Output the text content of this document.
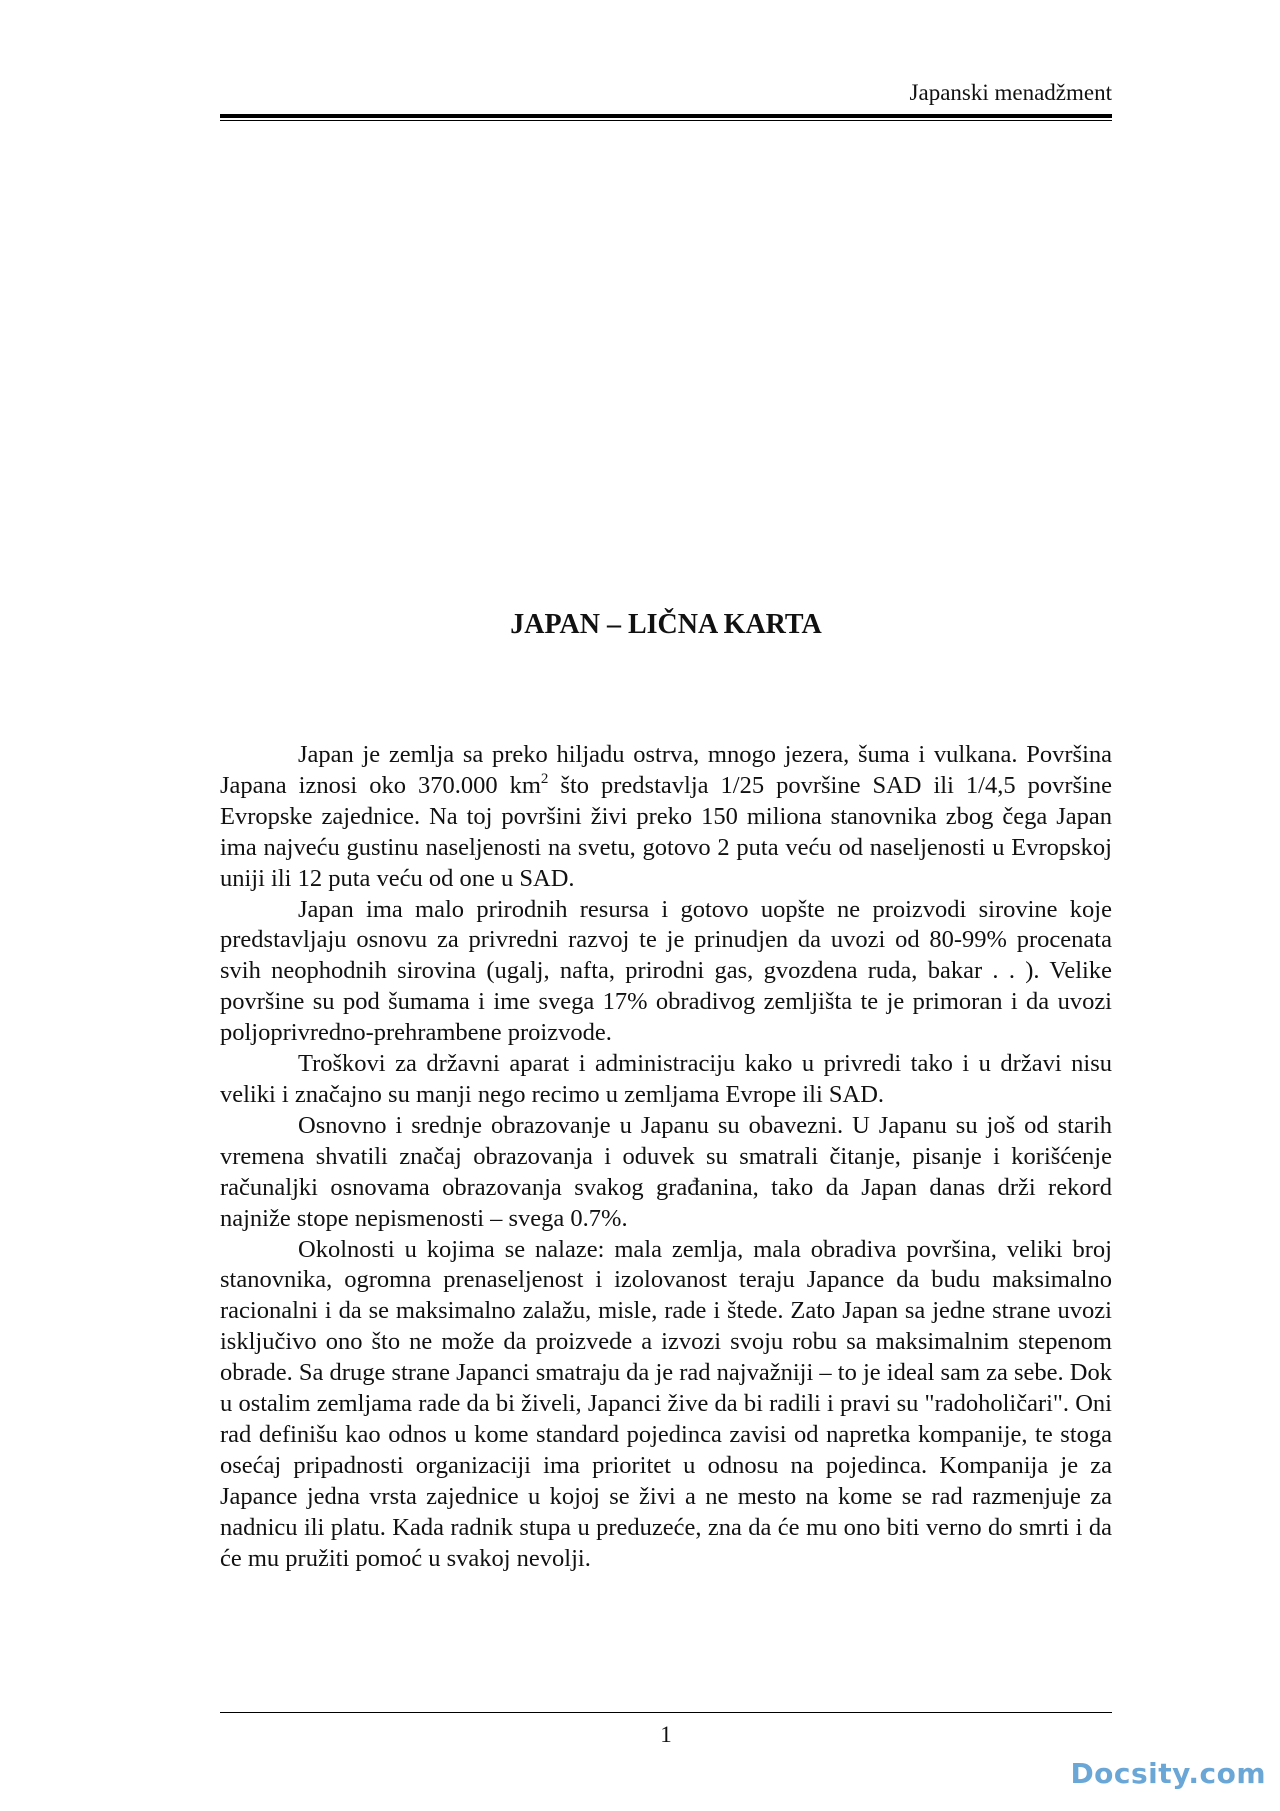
Japanski menadžment
JAPAN – LIČNA KARTA

Japan je zemlja sa preko hiljadu ostrva, mnogo jezera, šuma i vulkana. Površina Japana iznosi oko 370.000 $km^2$ što predstavlja 1/25 površine SAD ili 1/4,5 površine Evropske zajednice. Na toj površini živi preko 150 miliona stanovnika zbog čega Japan ima najveću gustinu naseljenosti na svetu, gotovo 2 puta veću od naseljenosti u Evropskoj uniji ili 12 puta veću od one u SAD.

Japan ima malo prirodnih resursa i gotovo uopšte ne proizvodi sirovine koje predstavljaju osnovu za privredni razvoj te je prinudjen da uvozi od 80-99% procenata svih neophodnih sirovina (ugalj, nafta, prirodni gas, gvozdena ruda, bakar . . ). Velike površine su pod šumama i ime svega 17% obradivog zemljišta te je primoran i da uvozi poljoprivredno-prehrambene proizvode.

Troškovi za državni aparat i administraciju kako u privredi tako i u državi nisu veliki i značajno su manji nego recimo u zemljama Evrope ili SAD.

Osnovno i srednje obrazovanje u Japanu su obavezni. U Japanu su još od starih vremena shvatili značaj obrazovanja i oduvek su smatrali čitanje, pisanje i korišćenje računaljki osnovama obrazovanja svakog građanina, tako da Japan danas drži rekord najniže stope nepismenosti – svega 0.7%.

Okolnosti u kojima se nalaze: mala zemlja, mala obradiva površina, veliki broj stanovnika, ogromna prenaseljenost i izolovanost teraju Japance da budu maksimalno racionalni i da se maksimalno zalažu, misle, rade i štede. Zato Japan sa jedne strane uvozi isključivo ono što ne može da proizvede a izvozi svoju robu sa maksimalnim stepenom obrade. Sa druge strane Japanci smatraju da je rad najvažniji – to je ideal sam za sebe. Dok u ostalim zemljama rade da bi živeli, Japanci žive da bi radili i pravi su "radoholičari". Oni rad definišu kao odnos u kome standard pojedinca zavisi od napretka kompanije, te stoga osećaj pripadnosti organizaciji ima prioritet u odnosu na pojedinca. Kompanija je za Japance jedna vrsta zajednice u kojoj se živi a ne mesto na kome se rad razmenjuje za nadnicu ili platu. Kada radnik stupa u preduzeće, zna da će mu ono biti verno do smrti i da će mu pružiti pomoć u svakoj nevolji.

1
Docsity.com
